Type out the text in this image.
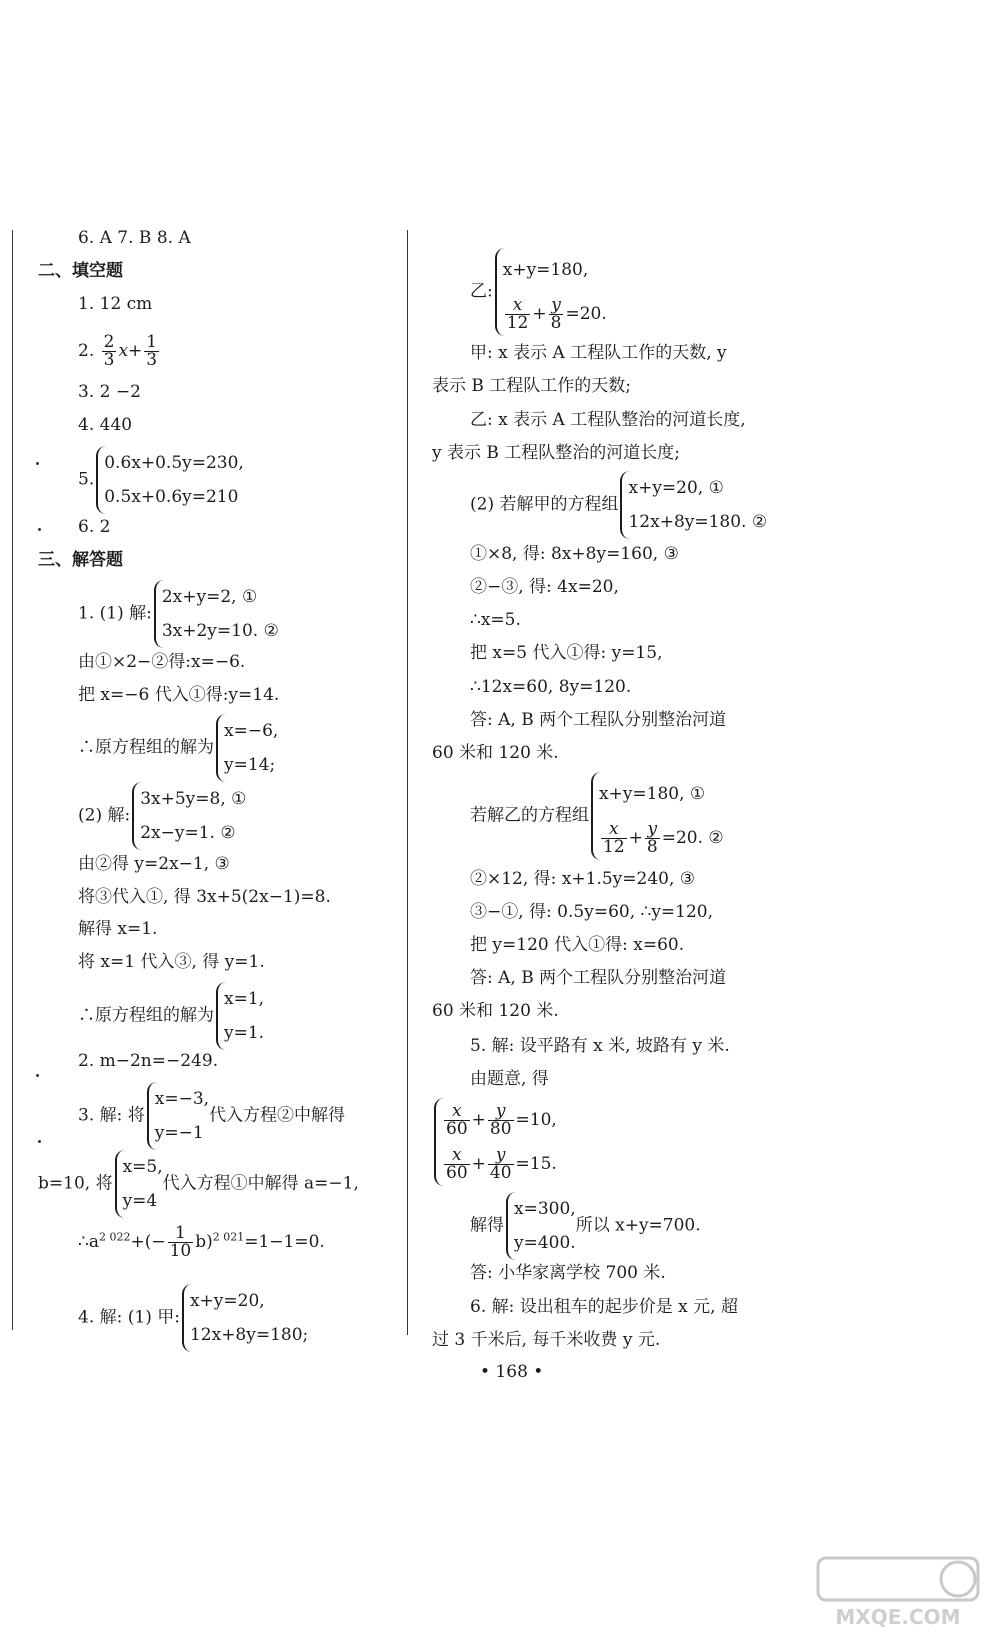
6. A 7. B 8. A
二、填空题
1. 12 cm
2. $\frac{2}{3} x+ \frac{1}{3}$
3. 2 −2
4. 440
5.
0.6x+0.5y=230,
0.5x+0.6y=210
6. 2
三、解答题
1. (1) 解:
2x+y=2, ①
3x+2y=10. ②
由①×2−②得:x=−6.
把 x=−6 代入①得:y=14.
∴原方程组的解为
x=−6,
y=14;
(2) 解:
3x+5y=8, ①
2x−y=1. ②
由②得 y=2x−1, ③
将③代入①, 得 3x+5(2x−1)=8.
解得 x=1.
将 x=1 代入③, 得 y=1.
∴原方程组的解为
x=1,
y=1.
2. m−2n=−249.
3. 解: 将
x=−3,
y=−1
代入方程②中解得
b=10, 将
x=5,
y=4
代入方程①中解得 a=−1,
$\therefore a^{2 022}+(- \frac{1}{10} b)^{2 021}=1-1=0$.
4. 解: (1) 甲:
x+y=20,
12x+8y=180;
乙:
x+y=180,
$\frac{x}{12} + \frac{y}{8} =20$.
甲: x 表示 A 工程队工作的天数, y
表示 B 工程队工作的天数;
乙: x 表示 A 工程队整治的河道长度,
y 表示 B 工程队整治的河道长度;
(2) 若解甲的方程组
x+y=20, ①
12x+8y=180. ②
①×8, 得: 8x+8y=160, ③
②−③, 得: 4x=20,
∴x=5.
把 x=5 代入①得: y=15,
∴12x=60, 8y=120.
答: A, B 两个工程队分别整治河道
60 米和 120 米.
若解乙的方程组
x+y=180, ①
$\frac{x}{12} + \frac{y}{8} =20$. ②
②×12, 得: x+1.5y=240, ③
③−①, 得: 0.5y=60, ∴y=120,
把 y=120 代入①得: x=60.
答: A, B 两个工程队分别整治河道
60 米和 120 米.
5. 解: 设平路有 x 米, 坡路有 y 米.
由题意, 得
$\frac{x}{60} + \frac{y}{80} =10$,
$\frac{x}{60} + \frac{y}{40} =15$.
解得
x=300,
y=400.
所以 x+y=700.
答: 小华家离学校 700 米.
6. 解: 设出租车的起步价是 x 元, 超
过 3 千米后, 每千米收费 y 元.
• 168 •
MXQE.COM
